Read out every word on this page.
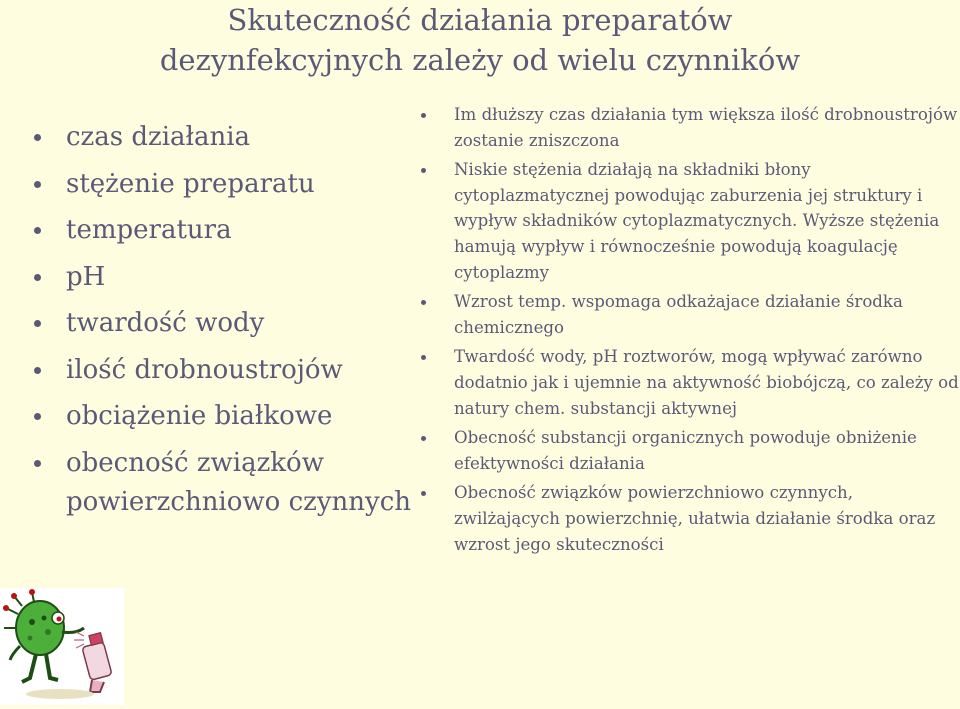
Skuteczność działania preparatów
dezynfekcyjnych zależy od wielu czynników
czas działania
stężenie preparatu
temperatura
pH
twardość wody
ilość drobnoustrojów
obciążenie białkowe
obecność związków powierzchniowo czynnych
Im dłuższy czas działania tym większa ilość drobnoustrojów zostanie zniszczona
Niskie stężenia działają na składniki błony cytoplazmatycznej powodując zaburzenia jej struktury i wypływ składników cytoplazmatycznych. Wyższe stężenia hamują wypływ i równocześnie powodują koagulację cytoplazmy
Wzrost temp. wspomaga odkażajace działanie środka chemicznego
Twardość wody, pH roztworów, mogą wpływać zarówno dodatnio jak i ujemnie na aktywność biobójczą, co zależy od natury chem. substancji aktywnej
Obecność substancji organicznych powoduje obniżenie efektywności działania
Obecność związków powierzchniowo czynnych, zwilżających powierzchnię, ułatwia działanie środka oraz wzrost jego skuteczności
